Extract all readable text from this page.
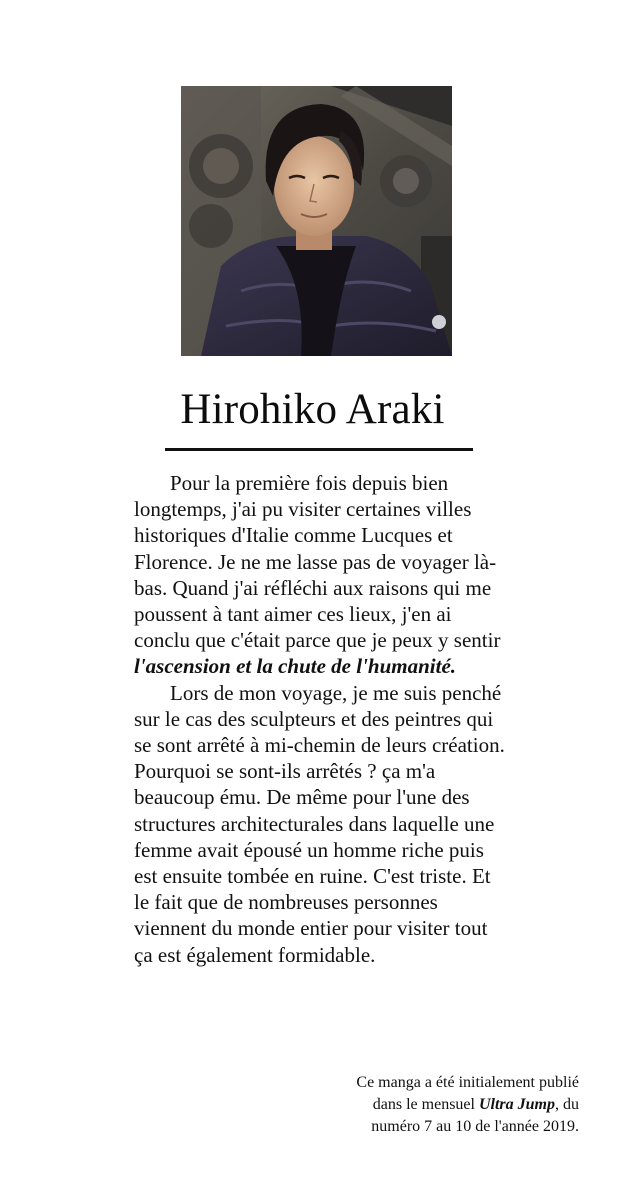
Hirohiko Araki

Pour la première fois depuis bien longtemps, j'ai pu visiter certaines villes historiques d'Italie comme Lucques et Florence. Je ne me lasse pas de voyager là-bas. Quand j'ai réfléchi aux raisons qui me poussent à tant aimer ces lieux, j'en ai conclu que c'était parce que je peux y sentir l'ascension et la chute de l'humanité.

Lors de mon voyage, je me suis penché sur le cas des sculpteurs et des peintres qui se sont arrêté à mi-chemin de leurs création. Pourquoi se sont-ils arrêtés ? ça m'a beaucoup ému. De même pour l'une des structures architecturales dans laquelle une femme avait épousé un homme riche puis est ensuite tombée en ruine. C'est triste. Et le fait que de nombreuses personnes viennent du monde entier pour visiter tout ça est également formidable.

Ce manga a été initialement publié
dans le mensuel Ultra Jump, du
numéro 7 au 10 de l'année 2019.
